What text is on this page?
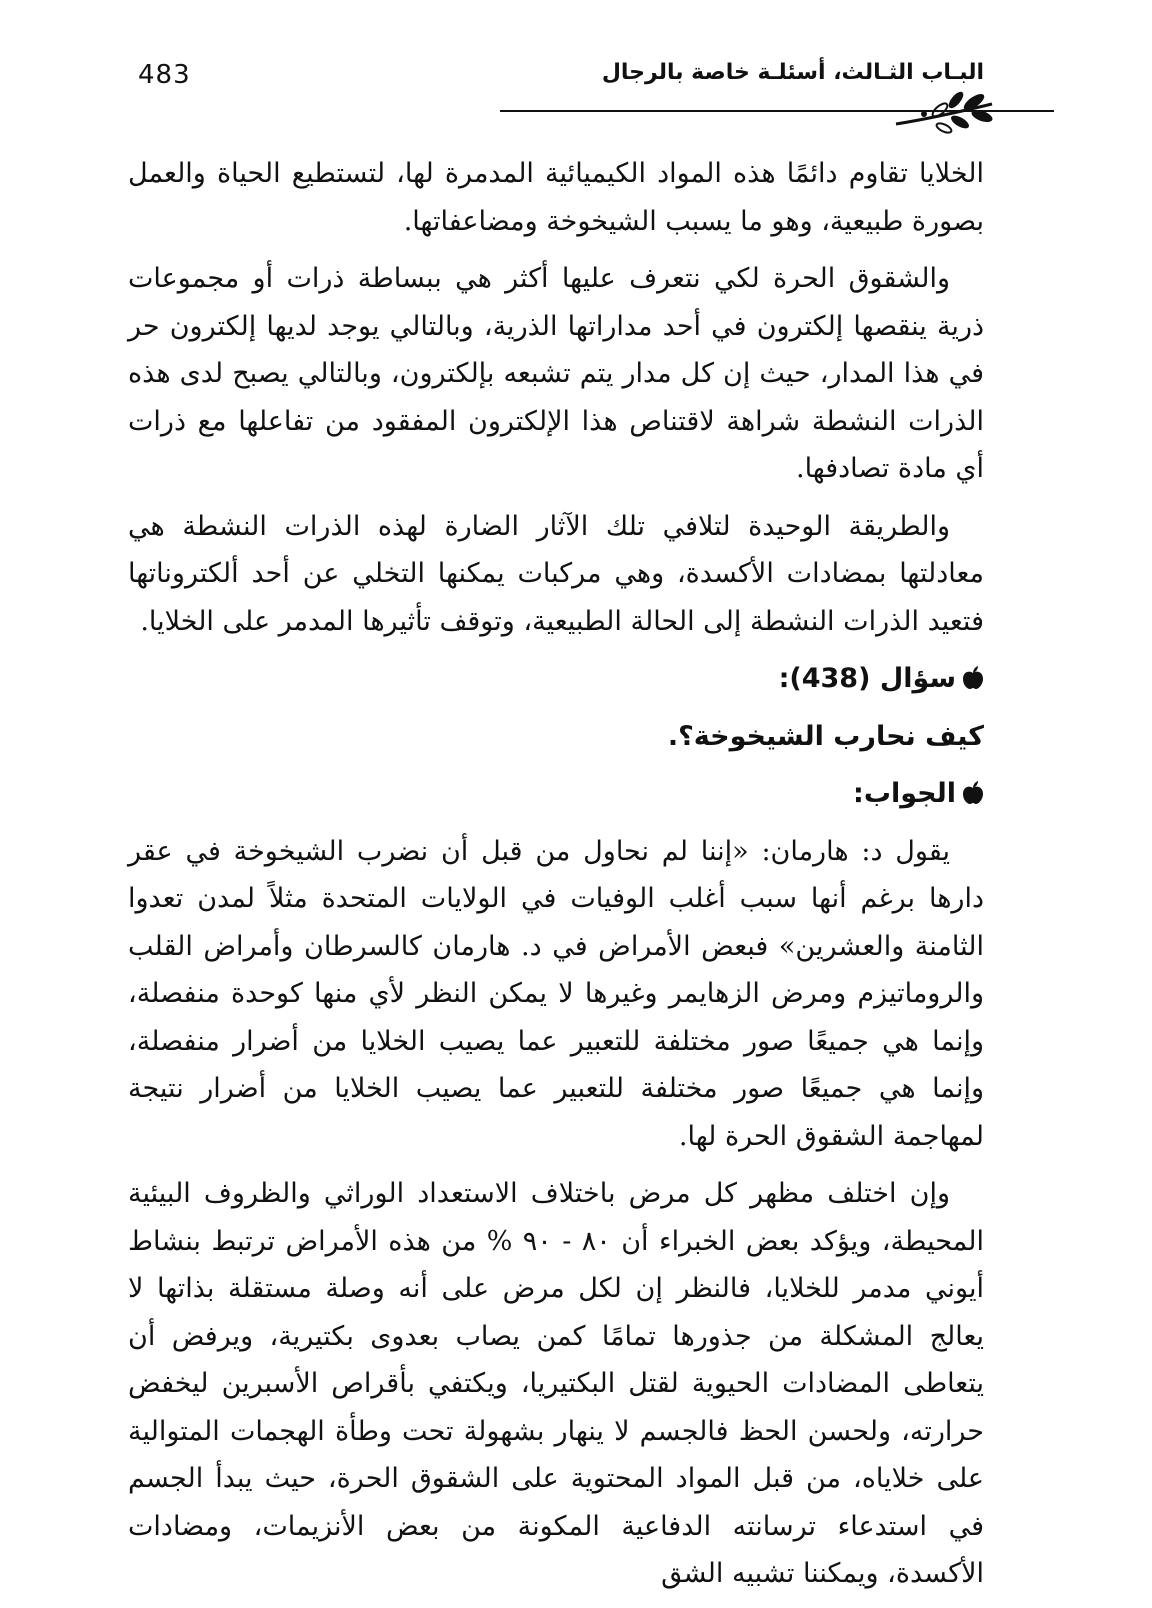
483	البـاب الثـالث، أسئلـة خاصة بالرجال

الخلايا تقاوم دائمًا هذه المواد الكيميائية المدمرة لها، لتستطيع الحياة والعمل بصورة طبيعية، وهو ما يسبب الشيخوخة ومضاعفاتها.

والشقوق الحرة لكي نتعرف عليها أكثر هي ببساطة ذرات أو مجموعات ذرية ينقصها إلكترون في أحد مداراتها الذرية، وبالتالي يوجد لديها إلكترون حر في هذا المدار، حيث إن كل مدار يتم تشبعه بإلكترون، وبالتالي يصبح لدى هذه الذرات النشطة شراهة لاقتناص هذا الإلكترون المفقود من تفاعلها مع ذرات أي مادة تصادفها.

والطريقة الوحيدة لتلافي تلك الآثار الضارة لهذه الذرات النشطة هي معادلتها بمضادات الأكسدة، وهي مركبات يمكنها التخلي عن أحد ألكتروناتها فتعيد الذرات النشطة إلى الحالة الطبيعية، وتوقف تأثيرها المدمر على الخلايا.

سؤال (438):
كيف نحارب الشيخوخة؟.
الجواب:

يقول د: هارمان: «إننا لم نحاول من قبل أن نضرب الشيخوخة في عقر دارها برغم أنها سبب أغلب الوفيات في الولايات المتحدة مثلاً لمدن تعدوا الثامنة والعشرين» فبعض الأمراض في د. هارمان كالسرطان وأمراض القلب والروماتيزم ومرض الزهايمر وغيرها لا يمكن النظر لأي منها كوحدة منفصلة، وإنما هي جميعًا صور مختلفة للتعبير عما يصيب الخلايا من أضرار منفصلة، وإنما هي جميعًا صور مختلفة للتعبير عما يصيب الخلايا من أضرار نتيجة لمهاجمة الشقوق الحرة لها.

وإن اختلف مظهر كل مرض باختلاف الاستعداد الوراثي والظروف البيئية المحيطة، ويؤكد بعض الخبراء أن ٨٠ - ٩٠ % من هذه الأمراض ترتبط بنشاط أيوني مدمر للخلايا، فالنظر إن لكل مرض على أنه وصلة مستقلة بذاتها لا يعالج المشكلة من جذورها تمامًا كمن يصاب بعدوى بكتيرية، ويرفض أن يتعاطى المضادات الحيوية لقتل البكتيريا، ويكتفي بأقراص الأسبرين ليخفض حرارته، ولحسن الحظ فالجسم لا ينهار بشهولة تحت وطأة الهجمات المتوالية على خلاياه، من قبل المواد المحتوية على الشقوق الحرة، حيث يبدأ الجسم في استدعاء ترسانته الدفاعية المكونة من بعض الأنزيمات، ومضادات الأكسدة، ويمكننا تشبيه الشق
